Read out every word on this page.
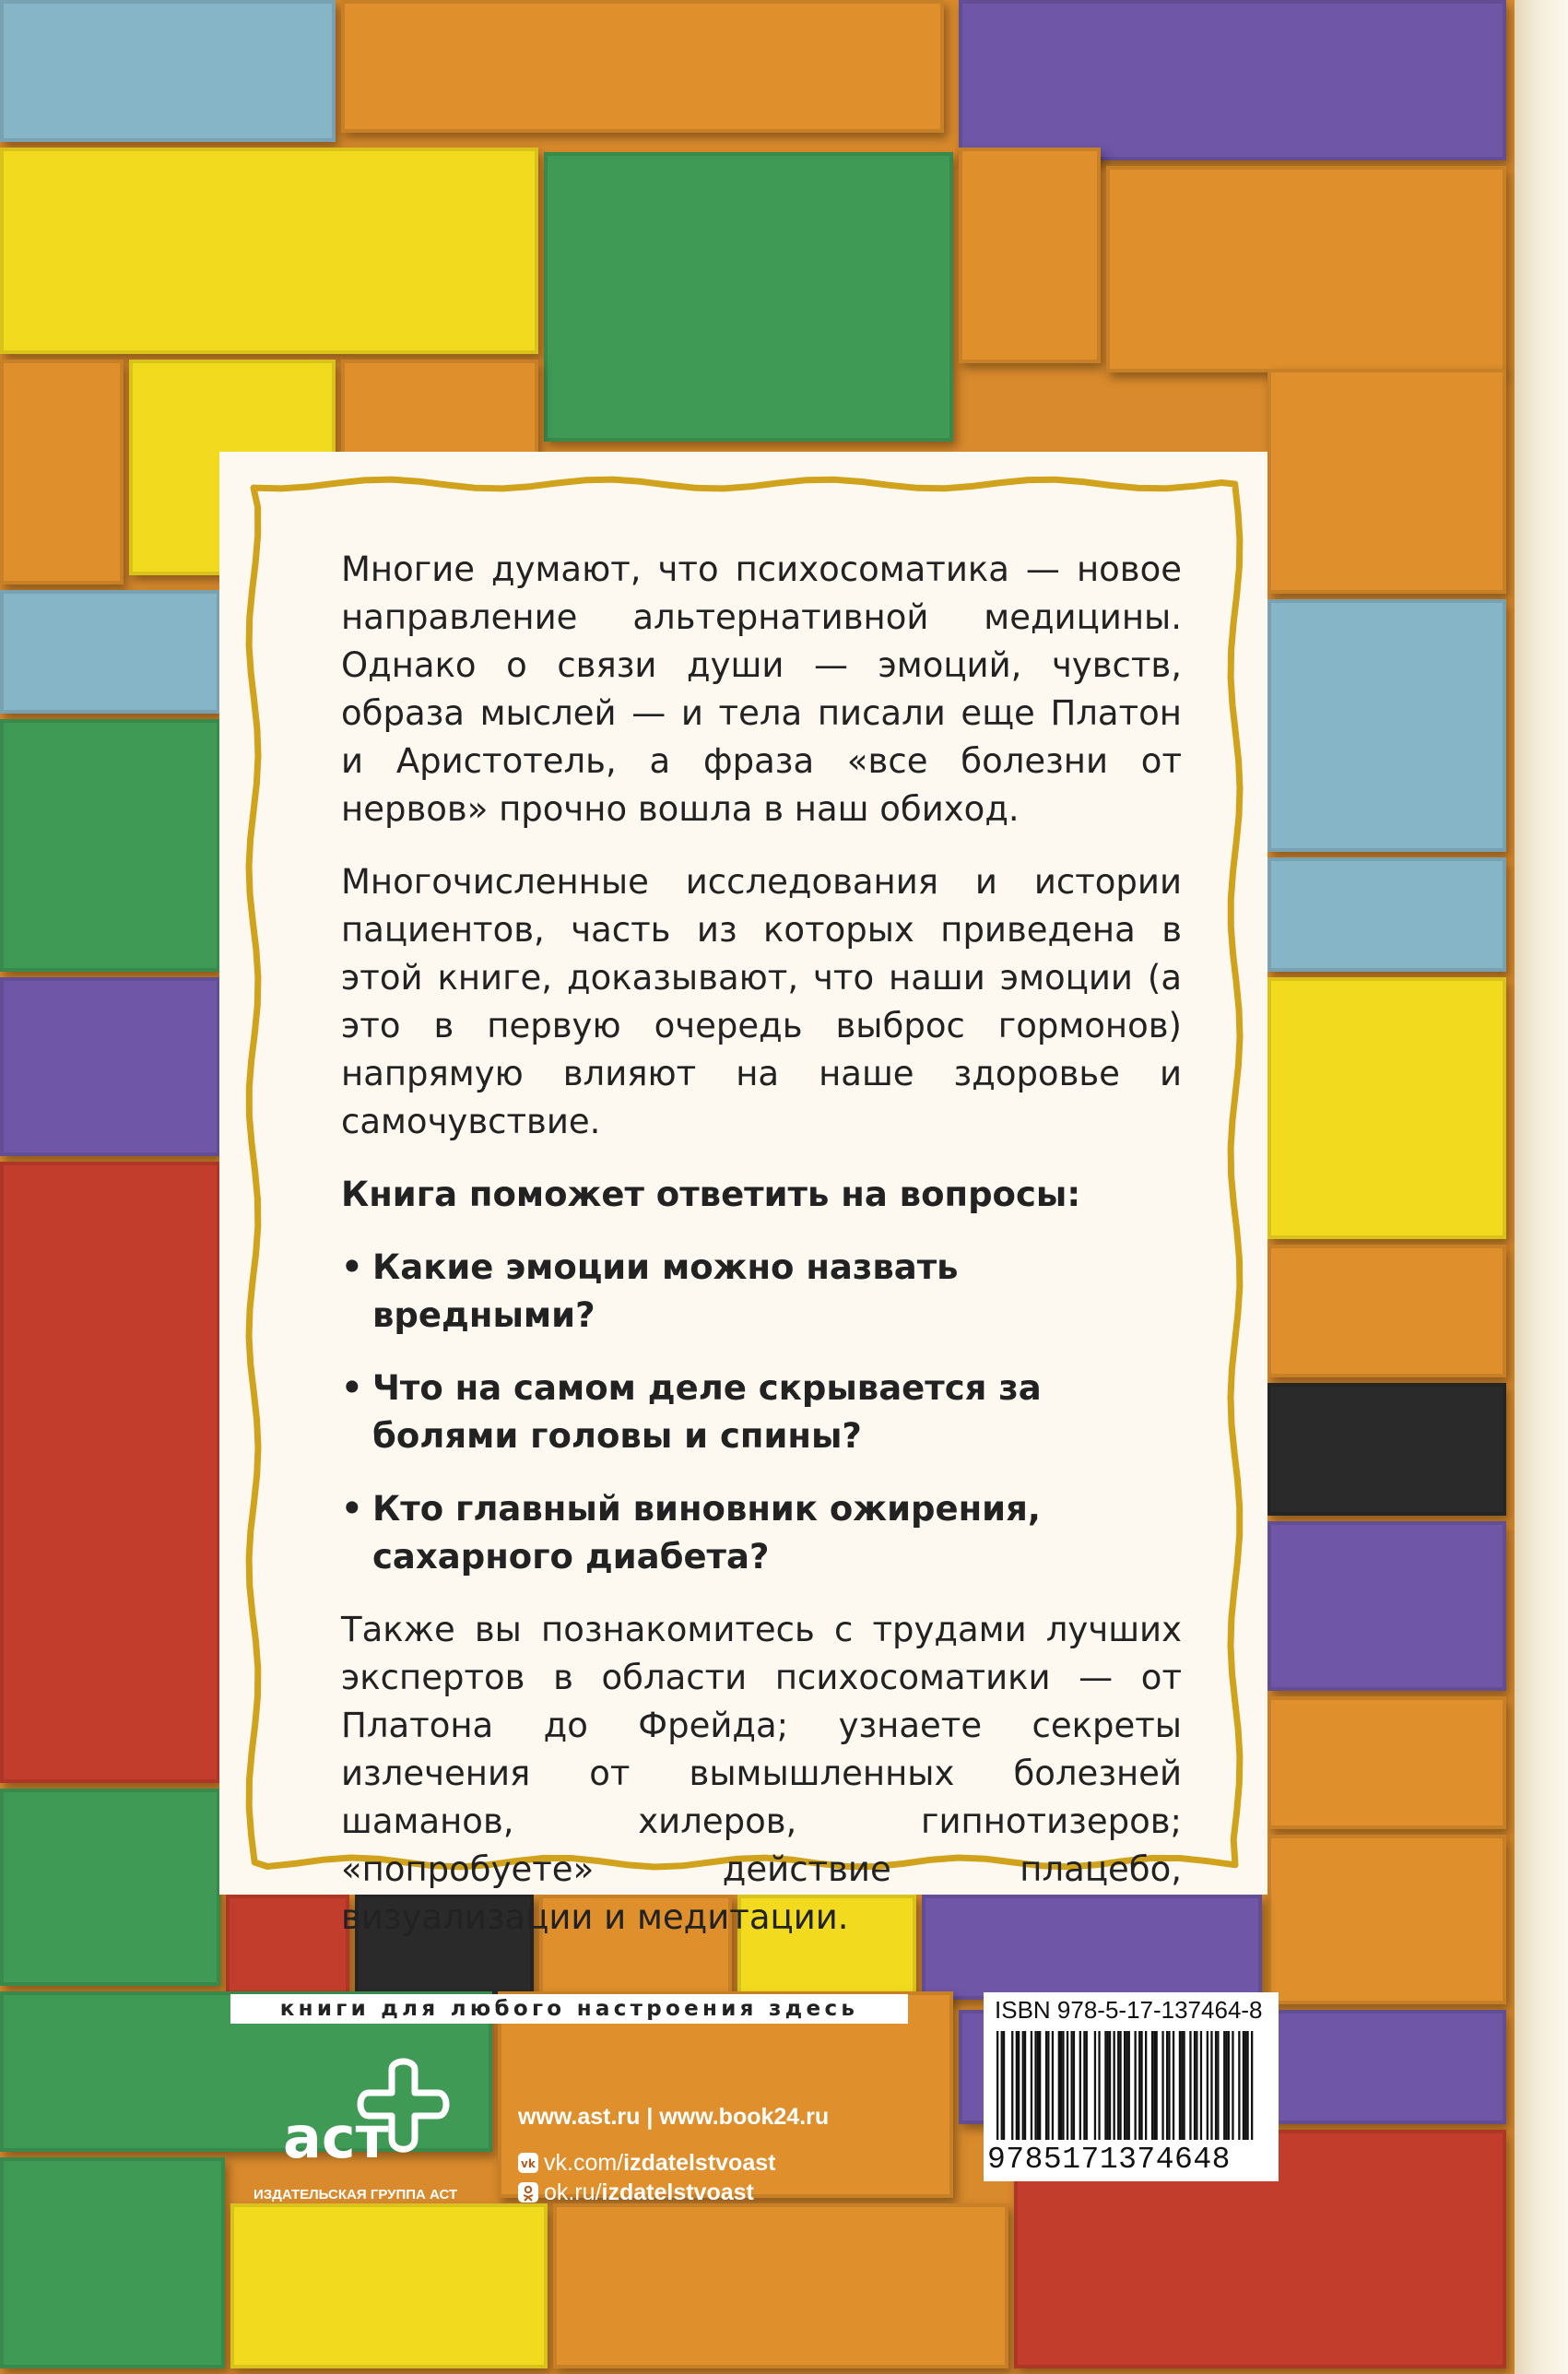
Многие думают, что психосоматика — новое направление альтернативной медицины. Однако о связи души — эмоций, чувств, образа мыслей — и тела писали еще Платон и Аристотель, а фраза «все болезни от нервов» прочно вошла в наш обиход.

Многочисленные исследования и истории пациентов, часть из которых приведена в этой книге, доказывают, что наши эмоции (а это в первую очередь выброс гормонов) напрямую влияют на наше здоровье и самочувствие.

Книга поможет ответить на вопросы:

• Какие эмоции можно назвать вредными?
• Что на самом деле скрывается за болями головы и спины?
• Кто главный виновник ожирения, сахарного диабета?

Также вы познакомитесь с трудами лучших экспертов в области психосоматики — от Платона до Фрейда; узнаете секреты излечения от вымышленных болезней шаманов, хилеров, гипнотизеров; «попробуете» действие плацебо, визуализации и медитации.

книги для любого настроения здесь
аст
ИЗДАТЕЛЬСКАЯ ГРУППА АСТ
www.ast.ru | www.book24.ru
vk vk.com/izdatelstvoast
ok.ru/izdatelstvoast
ISBN 978-5-17-137464-8
9785171374648
